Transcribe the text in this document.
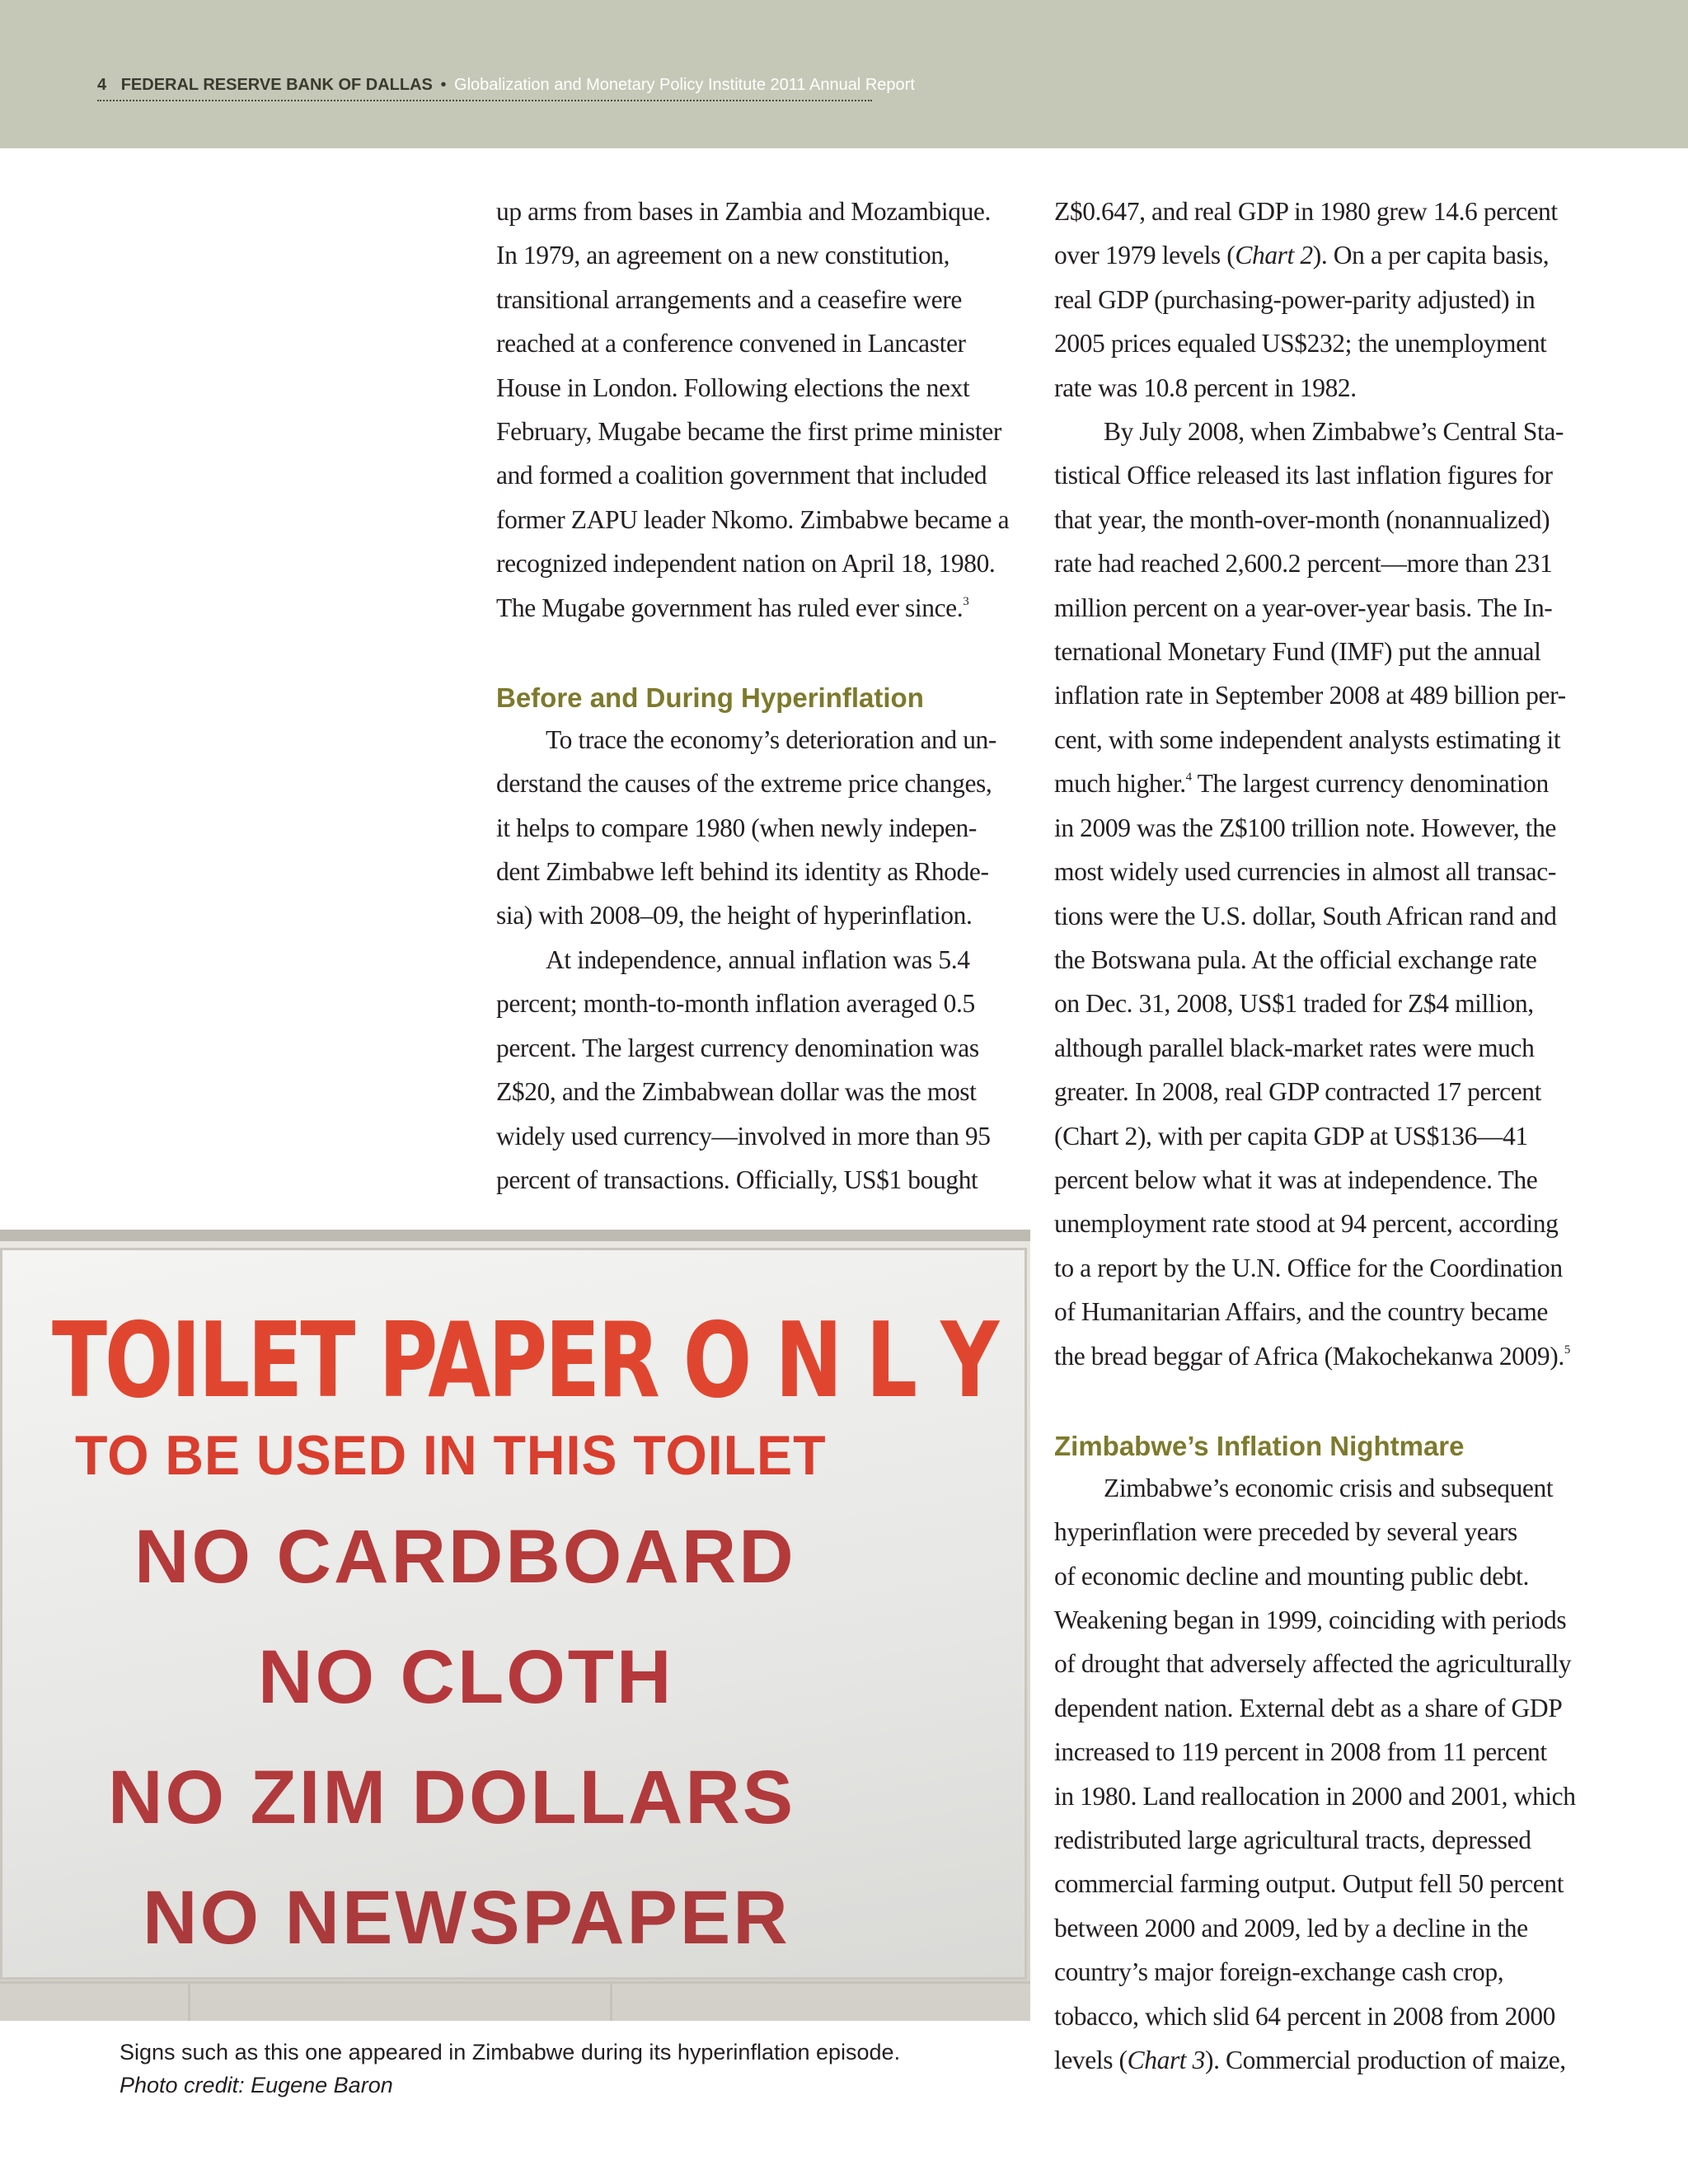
4 FEDERAL RESERVE BANK OF DALLAS • Globalization and Monetary Policy Institute 2011 Annual Report

up arms from bases in Zambia and Mozambique.
In 1979, an agreement on a new constitution,
transitional arrangements and a ceasefire were
reached at a conference convened in Lancaster
House in London. Following elections the next
February, Mugabe became the first prime minister
and formed a coalition government that included
former ZAPU leader Nkomo. Zimbabwe became a
recognized independent nation on April 18, 1980.
The Mugabe government has ruled ever since.$^3$

Before and During Hyperinflation

To trace the economy’s deterioration and un-

derstand the causes of the extreme price changes,
it helps to compare 1980 (when newly indepen-
dent Zimbabwe left behind its identity as Rhode-
sia) with 2008–09, the height of hyperinflation.

At independence, annual inflation was 5.4

percent; month-to-month inflation averaged 0.5
percent. The largest currency denomination was
Z$20, and the Zimbabwean dollar was the most
widely used currency—involved in more than 95
percent of transactions. Officially, US$1 bought

Z$0.647, and real GDP in 1980 grew 14.6 percent
over 1979 levels (Chart 2). On a per capita basis,
real GDP (purchasing-power-parity adjusted) in
2005 prices equaled US$232; the unemployment
rate was 10.8 percent in 1982.

By July 2008, when Zimbabwe’s Central Sta-

tistical Office released its last inflation figures for
that year, the month-over-month (nonannualized)
rate had reached 2,600.2 percent—more than 231
million percent on a year-over-year basis. The In-
ternational Monetary Fund (IMF) put the annual
inflation rate in September 2008 at 489 billion per-
cent, with some independent analysts estimating it
much higher.$^4$ The largest currency denomination
in 2009 was the Z$100 trillion note. However, the
most widely used currencies in almost all transac-
tions were the U.S. dollar, South African rand and
the Botswana pula. At the official exchange rate
on Dec. 31, 2008, US$1 traded for Z$4 million,
although parallel black-market rates were much
greater. In 2008, real GDP contracted 17 percent
(Chart 2), with per capita GDP at US$136—41
percent below what it was at independence. The
unemployment rate stood at 94 percent, according
to a report by the U.N. Office for the Coordination
of Humanitarian Affairs, and the country became
the bread beggar of Africa (Makochekanwa 2009).$^5$

Zimbabwe’s Inflation Nightmare

Zimbabwe’s economic crisis and subsequent

hyperinflation were preceded by several years
of economic decline and mounting public debt.
Weakening began in 1999, coinciding with periods
of drought that adversely affected the agriculturally
dependent nation. External debt as a share of GDP
increased to 119 percent in 2008 from 11 percent
in 1980. Land reallocation in 2000 and 2001, which
redistributed large agricultural tracts, depressed
commercial farming output. Output fell 50 percent
between 2000 and 2009, led by a decline in the
country’s major foreign-exchange cash crop,
tobacco, which slid 64 percent in 2008 from 2000
levels (Chart 3). Commercial production of maize,

TOILET PAPER O N L Y
TO BE USED IN THIS TOILET
NO CARDBOARD
NO CLOTH
NO ZIM DOLLARS
NO NEWSPAPER
Signs such as this one appeared in Zimbabwe during its hyperinflation episode.
Photo credit: Eugene Baron
